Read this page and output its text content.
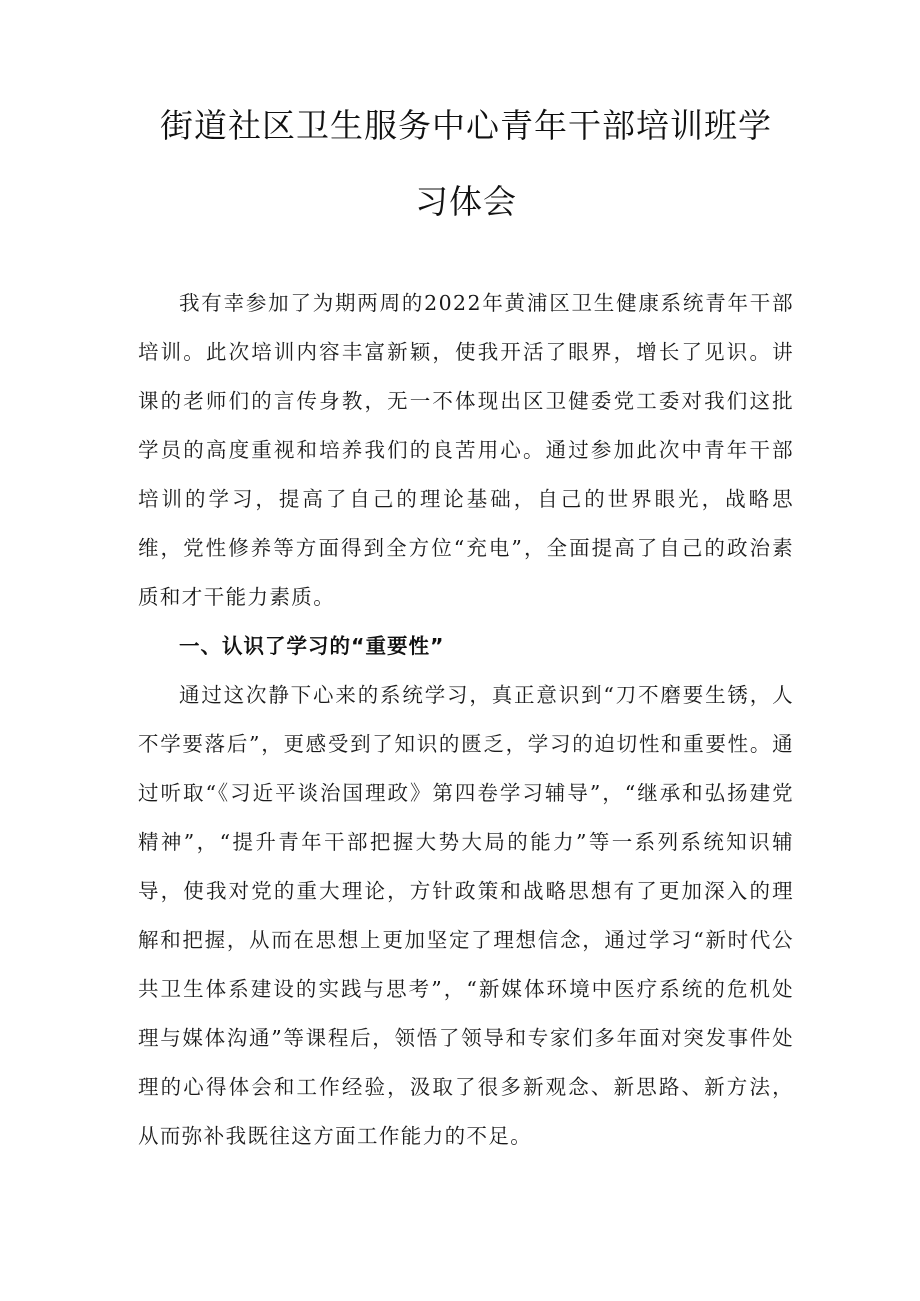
街道社区卫生服务中心青年干部培训班学
习体会

我有幸参加了为期两周的2022年黄浦区卫生健康系统青年干部培训。此次培训内容丰富新颖，使我开活了眼界，增长了见识。讲课的老师们的言传身教，无一不体现出区卫健委党工委对我们这批学员的高度重视和培养我们的良苦用心。通过参加此次中青年干部培训的学习，提高了自己的理论基础，自己的世界眼光，战略思维，党性修养等方面得到全方位“充电”，全面提高了自己的政治素质和才干能力素质。

一、认识了学习的“重要性”

通过这次静下心来的系统学习，真正意识到“刀不磨要生锈，人不学要落后”，更感受到了知识的匮乏，学习的迫切性和重要性。通过听取“《习近平谈治国理政》第四卷学习辅导”，“继承和弘扬建党精神”，“提升青年干部把握大势大局的能力”等一系列系统知识辅导，使我对党的重大理论，方针政策和战略思想有了更加深入的理解和把握，从而在思想上更加坚定了理想信念，通过学习“新时代公共卫生体系建设的实践与思考”，“新媒体环境中医疗系统的危机处理与媒体沟通”等课程后，领悟了领导和专家们多年面对突发事件处理的心得体会和工作经验，汲取了很多新观念、新思路、新方法，从而弥补我既往这方面工作能力的不足。
